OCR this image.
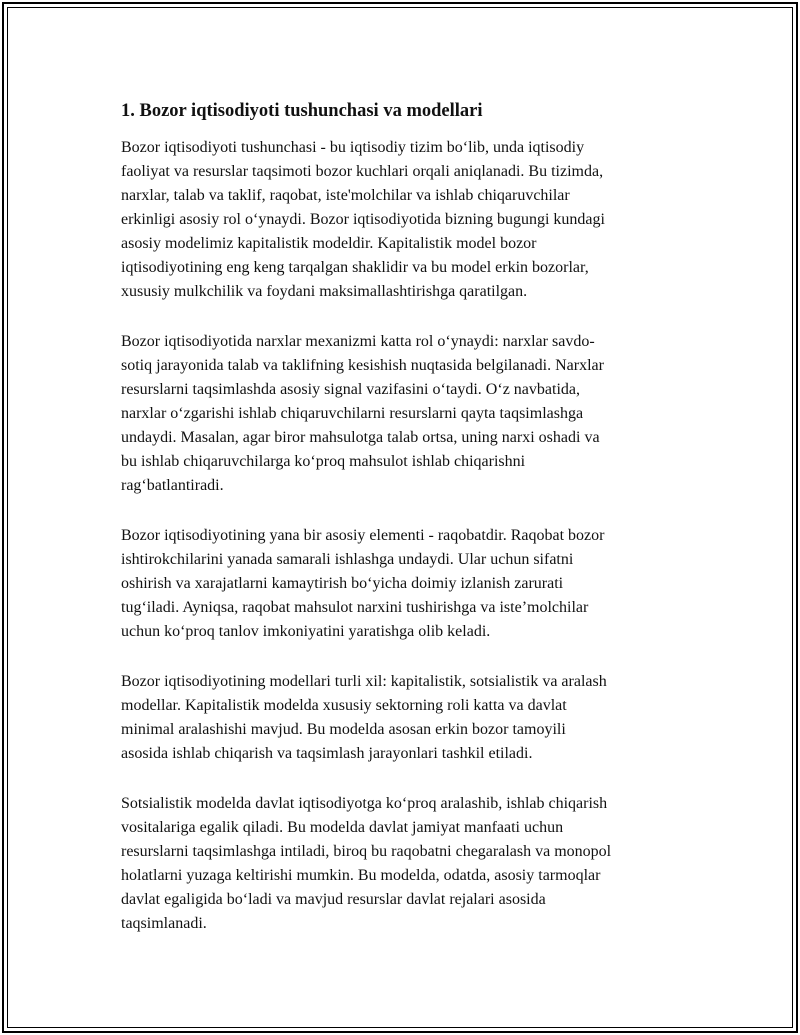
1. Bozor iqtisodiyoti tushunchasi va modellari

Bozor iqtisodiyoti tushunchasi - bu iqtisodiy tizim bo‘lib, unda iqtisodiy
faoliyat va resurslar taqsimoti bozor kuchlari orqali aniqlanadi. Bu tizimda,
narxlar, talab va taklif, raqobat, iste'molchilar va ishlab chiqaruvchilar
erkinligi asosiy rol o‘ynaydi. Bozor iqtisodiyotida bizning bugungi kundagi
asosiy modelimiz kapitalistik modeldir. Kapitalistik model bozor
iqtisodiyotining eng keng tarqalgan shaklidir va bu model erkin bozorlar,
xususiy mulkchilik va foydani maksimallashtirishga qaratilgan.

Bozor iqtisodiyotida narxlar mexanizmi katta rol o‘ynaydi: narxlar savdo-
sotiq jarayonida talab va taklifning kesishish nuqtasida belgilanadi. Narxlar
resurslarni taqsimlashda asosiy signal vazifasini o‘taydi. O‘z navbatida,
narxlar o‘zgarishi ishlab chiqaruvchilarni resurslarni qayta taqsimlashga
undaydi. Masalan, agar biror mahsulotga talab ortsa, uning narxi oshadi va
bu ishlab chiqaruvchilarga ko‘proq mahsulot ishlab chiqarishni
rag‘batlantiradi.

Bozor iqtisodiyotining yana bir asosiy elementi - raqobatdir. Raqobat bozor
ishtirokchilarini yanada samarali ishlashga undaydi. Ular uchun sifatni
oshirish va xarajatlarni kamaytirish bo‘yicha doimiy izlanish zarurati
tug‘iladi. Ayniqsa, raqobat mahsulot narxini tushirishga va iste’molchilar
uchun ko‘proq tanlov imkoniyatini yaratishga olib keladi.

Bozor iqtisodiyotining modellari turli xil: kapitalistik, sotsialistik va aralash
modellar. Kapitalistik modelda xususiy sektorning roli katta va davlat
minimal aralashishi mavjud. Bu modelda asosan erkin bozor tamoyili
asosida ishlab chiqarish va taqsimlash jarayonlari tashkil etiladi.

Sotsialistik modelda davlat iqtisodiyotga ko‘proq aralashib, ishlab chiqarish
vositalariga egalik qiladi. Bu modelda davlat jamiyat manfaati uchun
resurslarni taqsimlashga intiladi, biroq bu raqobatni chegaralash va monopol
holatlarni yuzaga keltirishi mumkin. Bu modelda, odatda, asosiy tarmoqlar
davlat egaligida bo‘ladi va mavjud resurslar davlat rejalari asosida
taqsimlanadi.
